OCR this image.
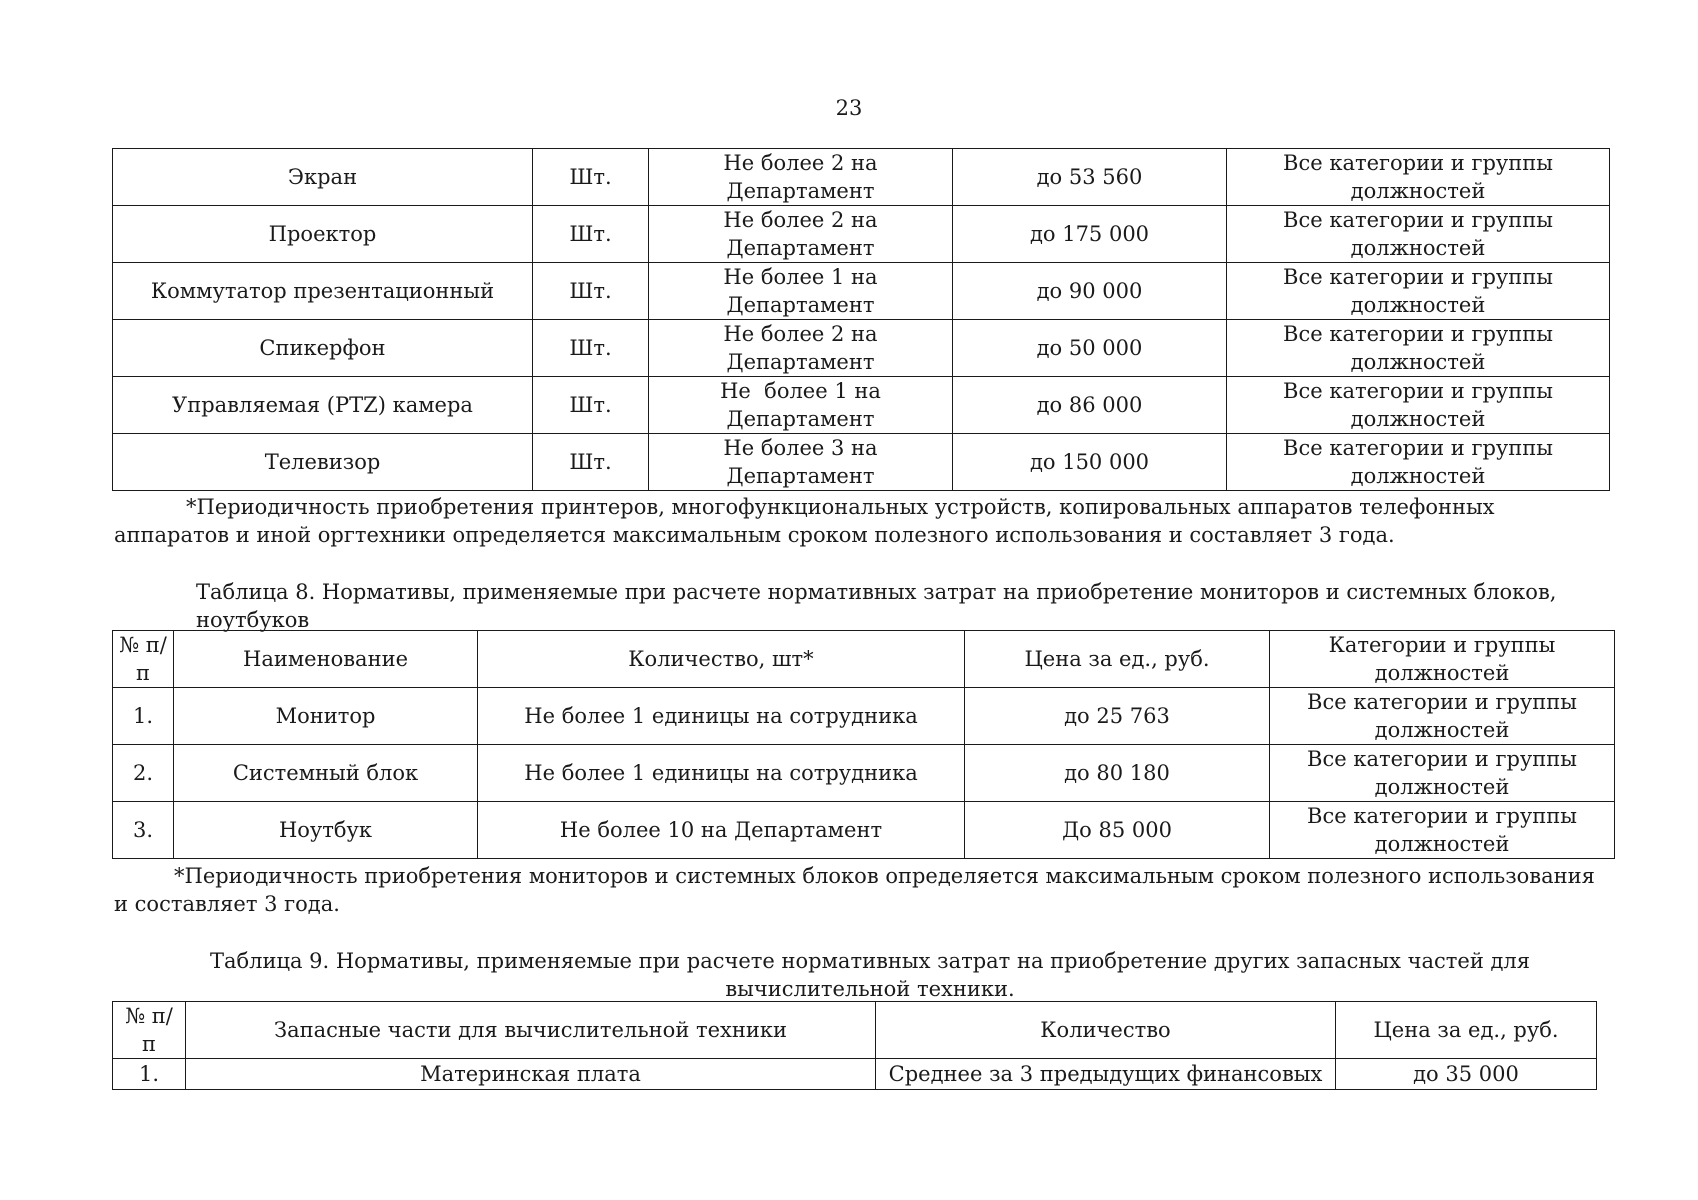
23
Экран	Шт.	Не более 2 на Департамент	до 53 560	Все категории и группы должностей
Проектор	Шт.	Не более 2 на Департамент	до 175 000	Все категории и группы должностей
Коммутатор презентационный	Шт.	Не более 1 на Департамент	до 90 000	Все категории и группы должностей
Спикерфон	Шт.	Не более 2 на Департамент	до 50 000	Все категории и группы должностей
Управляемая (PTZ) камера	Шт.	Не  более 1 на Департамент	до 86 000	Все категории и группы должностей
Телевизор	Шт.	Не более 3 на Департамент	до 150 000	Все категории и группы должностей

*Периодичность приобретения принтеров, многофункциональных устройств, копировальных аппаратов телефонных аппаратов и иной оргтехники определяется максимальным сроком полезного использования и составляет 3 года.

Таблица 8. Нормативы, применяемые при расчете нормативных затрат на приобретение мониторов и системных блоков, ноутбуков

№ п/п	Наименование	Количество, шт*	Цена за ед., руб.	Категории и группы должностей
1.	Монитор	Не более 1 единицы на сотрудника	до 25 763	Все категории и группы должностей
2.	Системный блок	Не более 1 единицы на сотрудника	до 80 180	Все категории и группы должностей
3.	Ноутбук	Не более 10 на Департамент	До 85 000	Все категории и группы должностей

*Периодичность приобретения мониторов и системных блоков определяется максимальным сроком полезного использования и составляет 3 года.

Таблица 9. Нормативы, применяемые при расчете нормативных затрат на приобретение других запасных частей для вычислительной техники.

№ п/п	Запасные части для вычислительной техники	Количество	Цена за ед., руб.
1.	Материнская плата	Среднее за 3 предыдущих финансовых	до 35 000
